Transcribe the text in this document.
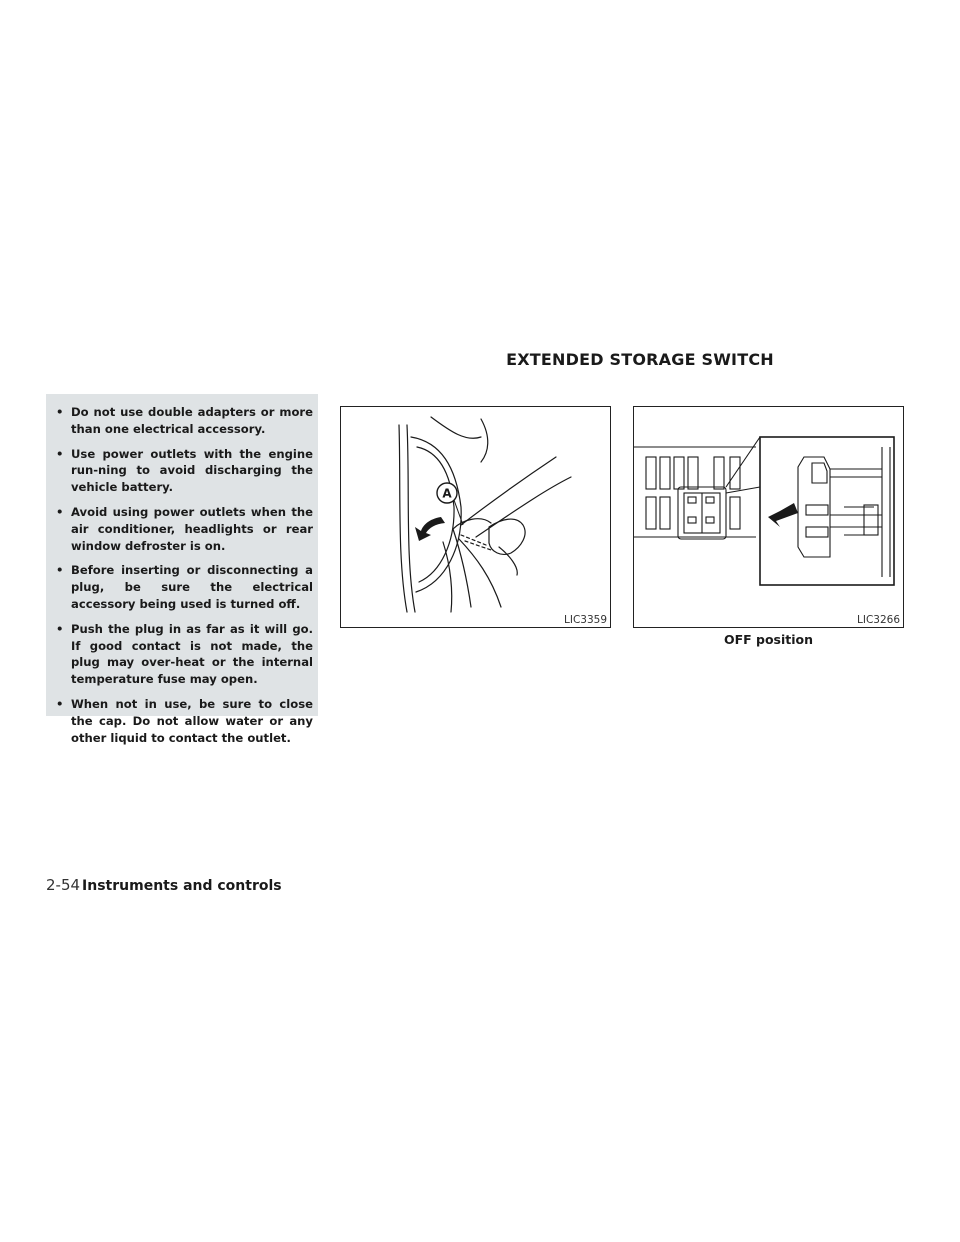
EXTENDED STORAGE SWITCH
• Do not use double adapters or more than one electrical accessory.
• Use power outlets with the engine run-ning to avoid discharging the vehicle battery.
• Avoid using power outlets when the air conditioner, headlights or rear window defroster is on.
• Before inserting or disconnecting a plug, be sure the electrical accessory being used is turned off.
• Push the plug in as far as it will go. If good contact is not made, the plug may over-heat or the internal temperature fuse may open.
• When not in use, be sure to close the cap. Do not allow water or any other liquid to contact the outlet.
A
LIC3359	LIC3266
OFF position
2-54 Instruments and controls
